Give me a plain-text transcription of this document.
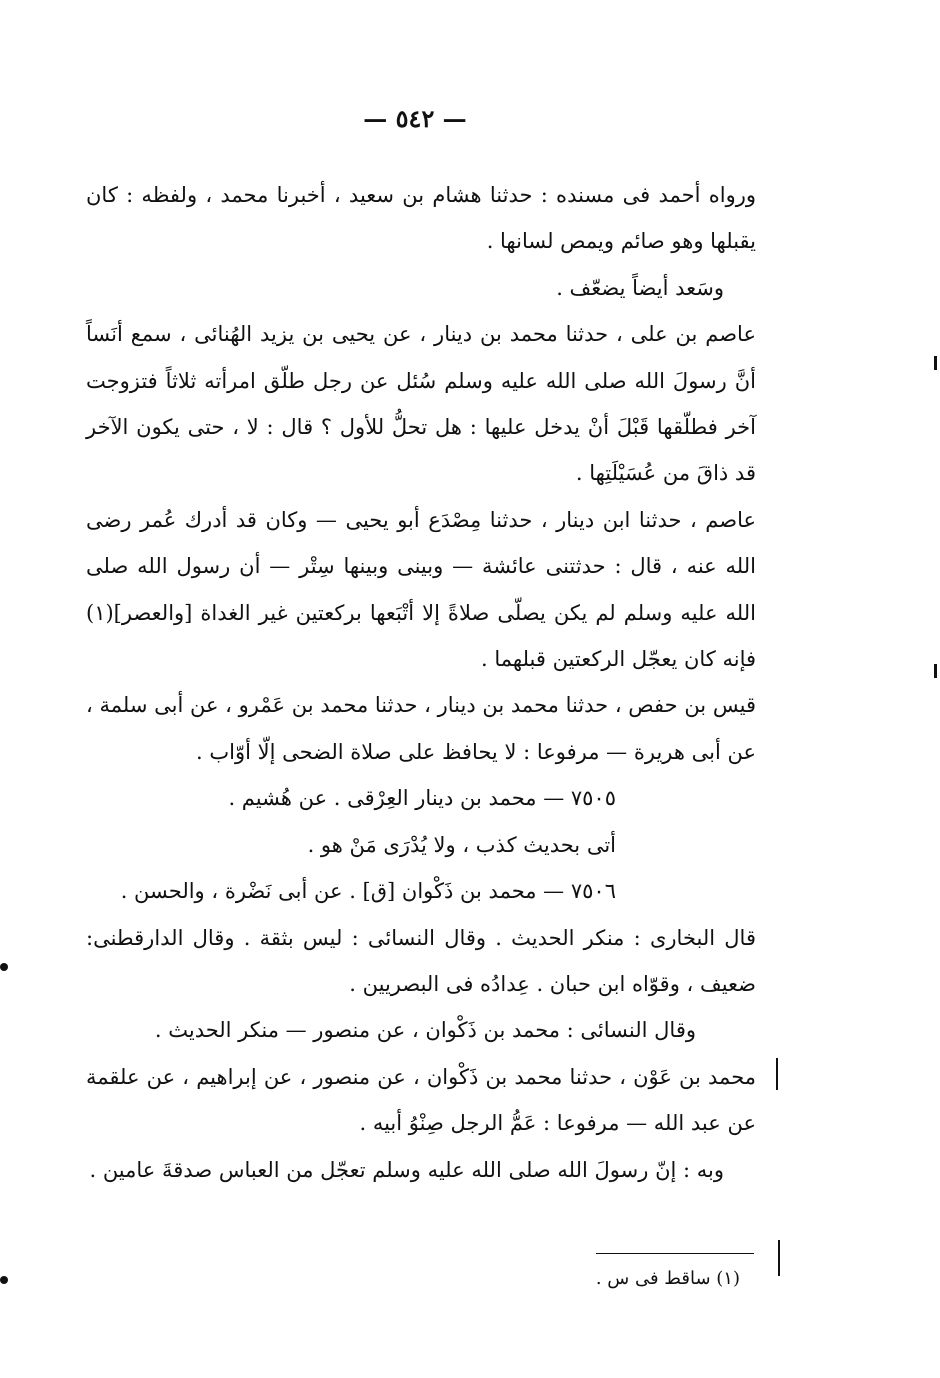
— ٥٤٢ —

ورواه أحمد فى مسنده : حدثنا هشام بن سعيد ، أخبرنا محمد ، ولفظه : كان يقبلها وهو صائم ويمص لسانها .

وسَعد أيضاً يضعّف .

عاصم بن على ، حدثنا محمد بن دينار ، عن يحيى بن يزيد الهُنائى ، سمع أنَساً أنَّ رسولَ الله صلى الله عليه وسلم سُئل عن رجل طلّق امرأته ثلاثاً فتزوجت آخر فطلّقها قَبْلَ أنْ يدخل عليها : هل تحلُّ للأول ؟ قال : لا ، حتى يكون الآخر قد ذاقَ من عُسَيْلَتِها .

عاصم ، حدثنا ابن دينار ، حدثنا مِصْدَع أبو يحيى — وكان قد أدرك عُمر رضى الله عنه ، قال : حدثتنى عائشة — وبينى وبينها سِتْر — أن رسول الله صلى الله عليه وسلم لم يكن يصلّى صلاةً إلا أتْبَعها بركعتين غير الغداة [والعصر](١) فإنه كان يعجّل الركعتين قبلهما .

قيس بن حفص ، حدثنا محمد بن دينار ، حدثنا محمد بن عَمْرو ، عن أبى سلمة ، عن أبى هريرة — مرفوعا : لا يحافظ على صلاة الضحى إلّا أوّاب .

٧٥٠٥ — محمد بن دينار العِرْقى . عن هُشيم .

أتى بحديث كذب ، ولا يُدْرَى مَنْ هو .

٧٥٠٦ — محمد بن ذَكْوان [ق] . عن أبى نَضْرة ، والحسن .

قال البخارى : منكر الحديث . وقال النسائى : ليس بثقة . وقال الدارقطنى: ضعيف ، وقوّاه ابن حبان . عِدادُه فى البصريين .

وقال النسائى : محمد بن ذَكْوان ، عن منصور — منكر الحديث .

محمد بن عَوْن ، حدثنا محمد بن ذَكْوان ، عن منصور ، عن إبراهيم ، عن علقمة عن عبد الله — مرفوعا : عَمُّ الرجل صِنْوُ أبيه .

وبه : إنّ رسولَ الله صلى الله عليه وسلم تعجّل من العباس صدقةَ عامين .

(١) ساقط فى س .
